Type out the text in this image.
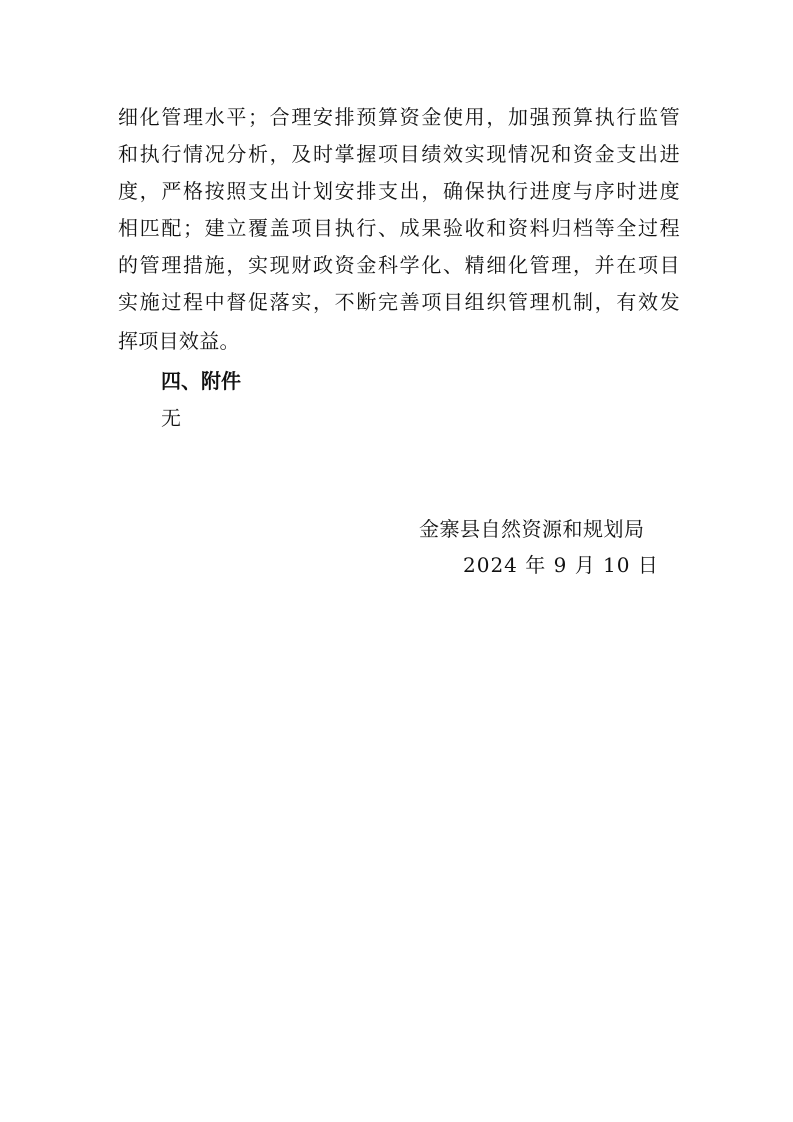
细化管理水平；合理安排预算资金使用，加强预算执行监管
和执行情况分析，及时掌握项目绩效实现情况和资金支出进
度，严格按照支出计划安排支出，确保执行进度与序时进度
相匹配；建立覆盖项目执行、成果验收和资料归档等全过程
的管理措施，实现财政资金科学化、精细化管理，并在项目
实施过程中督促落实，不断完善项目组织管理机制，有效发
挥项目效益。
四、附件
无
金寨县自然资源和规划局
2024 年 9 月 10 日
